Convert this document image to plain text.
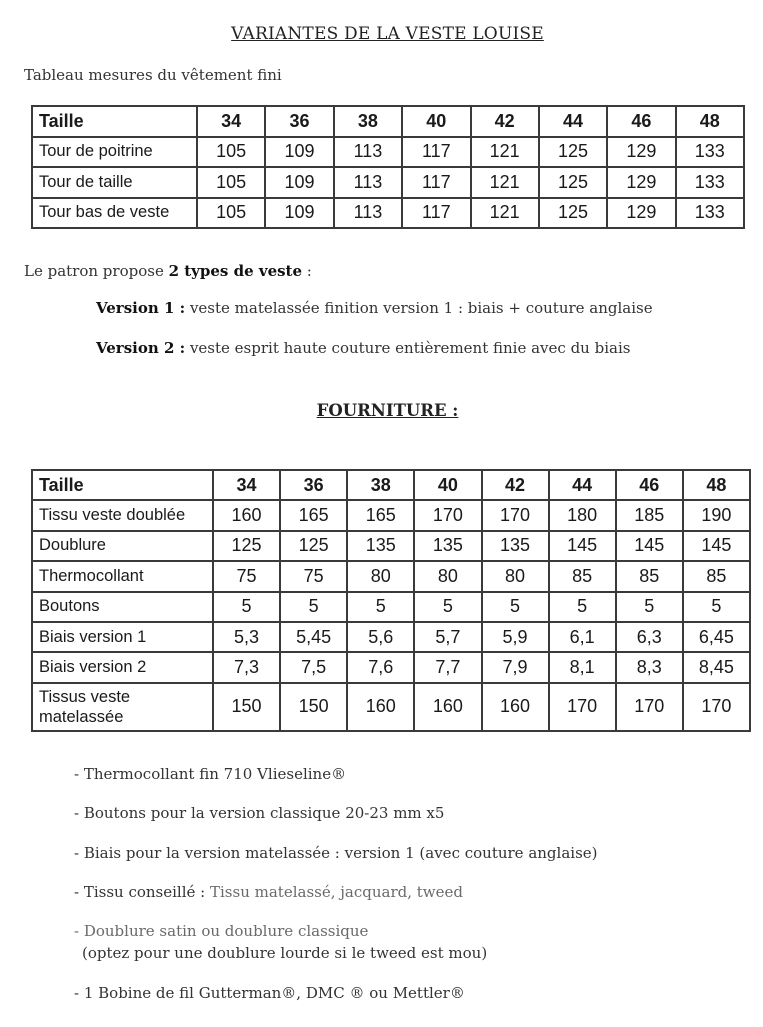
VARIANTES DE LA VESTE LOUISE
Tableau mesures du vêtement fini
Taille	34	36	38	40	42	44	46	48
Tour de poitrine	105	109	113	117	121	125	129	133
Tour de taille	105	109	113	117	121	125	129	133
Tour bas de veste	105	109	113	117	121	125	129	133
Le patron propose 2 types de veste :
Version 1 : veste matelassée finition version 1 : biais + couture anglaise
Version 2 : veste esprit haute couture entièrement finie avec du biais
FOURNITURE :
Taille	34	36	38	40	42	44	46	48
Tissu veste doublée	160	165	165	170	170	180	185	190
Doublure	125	125	135	135	135	145	145	145
Thermocollant	75	75	80	80	80	85	85	85
Boutons	5	5	5	5	5	5	5	5
Biais version 1	5,3	5,45	5,6	5,7	5,9	6,1	6,3	6,45
Biais version 2	7,3	7,5	7,6	7,7	7,9	8,1	8,3	8,45
Tissus veste
matelassée	150	150	160	160	160	170	170	170
- Thermocollant fin 710 Vlieseline®
- Boutons pour la version classique 20-23 mm x5
- Biais pour la version matelassée : version 1 (avec couture anglaise)
- Tissu conseillé : Tissu matelassé, jacquard, tweed
- Doublure satin ou doublure classique
(optez pour une doublure lourde si le tweed est mou)
- 1 Bobine de fil Gutterman®, DMC ® ou Mettler®
